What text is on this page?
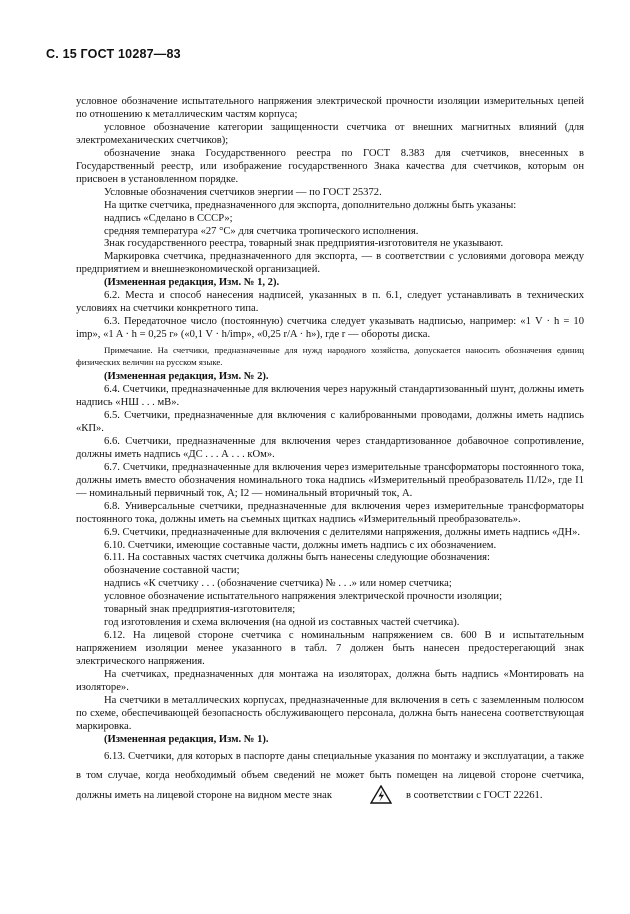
С. 15 ГОСТ 10287—83

условное обозначение испытательного напряжения электрической прочности изоляции измерительных цепей по отношению к металлическим частям корпуса;

условное обозначение категории защищенности счетчика от внешних магнитных влияний (для электромеханических счетчиков);

обозначение знака Государственного реестра по ГОСТ 8.383 для счетчиков, внесенных в Государственный реестр, или изображение государственного Знака качества для счетчиков, которым он присвоен в установленном порядке.

Условные обозначения счетчиков энергии — по ГОСТ 25372.

На щитке счетчика, предназначенного для экспорта, дополнительно должны быть указаны:

надпись «Сделано в СССР»;

средняя температура «27 °С» для счетчика тропического исполнения.

Знак государственного реестра, товарный знак предприятия-изготовителя не указывают.

Маркировка счетчика, предназначенного для экспорта, — в соответствии с условиями договора между предприятием и внешнеэкономической организацией.

(Измененная редакция, Изм. № 1, 2).

6.2. Места и способ нанесения надписей, указанных в п. 6.1, следует устанавливать в технических условиях на счетчики конкретного типа.

6.3. Передаточное число (постоянную) счетчика следует указывать надписью, например: «1 V · h = 10 imp», «1 A · h = 0,25 r» («0,1 V · h/imp», «0,25 r/A · h»), где r — обороты диска.

Примечание. На счетчики, предназначенные для нужд народного хозяйства, допускается наносить обозначения единиц физических величин на русском языке.

(Измененная редакция, Изм. № 2).

6.4. Счетчики, предназначенные для включения через наружный стандартизованный шунт, должны иметь надпись «НШ . . . мВ».

6.5. Счетчики, предназначенные для включения с калиброванными проводами, должны иметь надпись «КП».

6.6. Счетчики, предназначенные для включения через стандартизованное добавочное сопротивление, должны иметь надпись «ДС . . . А . . . кОм».

6.7. Счетчики, предназначенные для включения через измерительные трансформаторы постоянного тока, должны иметь вместо обозначения номинального тока надпись «Измерительный преобразователь I1/I2», где I1 — номинальный первичный ток, А; I2 — номинальный вторичный ток, А.

6.8. Универсальные счетчики, предназначенные для включения через измерительные трансформаторы постоянного тока, должны иметь на съемных щитках надпись «Измерительный преобразователь».

6.9. Счетчики, предназначенные для включения с делителями напряжения, должны иметь надпись «ДН».

6.10. Счетчики, имеющие составные части, должны иметь надпись с их обозначением.

6.11. На составных частях счетчика должны быть нанесены следующие обозначения:

обозначение составной части;

надпись «К счетчику . . . (обозначение счетчика) № . . .» или номер счетчика;

условное обозначение испытательного напряжения электрической прочности изоляции;

товарный знак предприятия-изготовителя;

год изготовления и схема включения (на одной из составных частей счетчика).

6.12. На лицевой стороне счетчика с номинальным напряжением св. 600 В и испытательным напряжением изоляции менее указанного в табл. 7 должен быть нанесен предостерегающий знак электрического напряжения.

На счетчиках, предназначенных для монтажа на изоляторах, должна быть надпись «Монтировать на изоляторе».

На счетчики в металлических корпусах, предназначенные для включения в сеть с заземленным полюсом по схеме, обеспечивающей безопасность обслуживающего персонала, должна быть нанесена соответствующая маркировка.

(Измененная редакция, Изм. № 1).

6.13. Счетчики, для которых в паспорте даны специальные указания по монтажу и эксплуатации, а также в том случае, когда необходимый объем сведений не может быть помещен на лицевой стороне счетчика, должны иметь на лицевой стороне на видном месте знак	в соответствии с ГОСТ 22261.
